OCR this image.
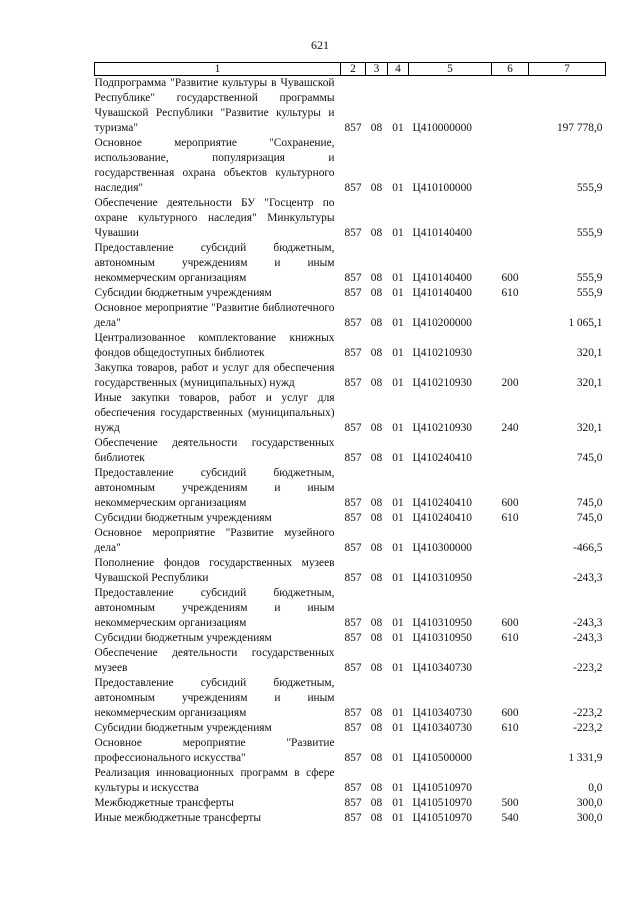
621
1	2	3	4	5	6	7
Подпрограмма "Развитие культуры в Чувашской Республике" государственной программы Чувашской Республики "Развитие культуры и туризма"	857	08	01	Ц410000000		197 778,0
Основное мероприятие "Сохранение, использование, популяризация и государственная охрана объектов культурного наследия"	857	08	01	Ц410100000		555,9
Обеспечение деятельности БУ "Госцентр по охране культурного наследия" Минкультуры Чувашии	857	08	01	Ц410140400		555,9
Предоставление субсидий бюджетным, автономным учреждениям и иным некоммерческим организациям	857	08	01	Ц410140400	600	555,9
Субсидии бюджетным учреждениям	857	08	01	Ц410140400	610	555,9
Основное мероприятие "Развитие библиотечного дела"	857	08	01	Ц410200000		1 065,1
Централизованное комплектование книжных фондов общедоступных библиотек	857	08	01	Ц410210930		320,1
Закупка товаров, работ и услуг для обеспечения государственных (муниципальных) нужд	857	08	01	Ц410210930	200	320,1
Иные закупки товаров, работ и услуг для обеспечения государственных (муниципальных) нужд	857	08	01	Ц410210930	240	320,1
Обеспечение деятельности государственных библиотек	857	08	01	Ц410240410		745,0
Предоставление субсидий бюджетным, автономным учреждениям и иным некоммерческим организациям	857	08	01	Ц410240410	600	745,0
Субсидии бюджетным учреждениям	857	08	01	Ц410240410	610	745,0
Основное мероприятие "Развитие музейного дела"	857	08	01	Ц410300000		-466,5
Пополнение фондов государственных музеев Чувашской Республики	857	08	01	Ц410310950		-243,3
Предоставление субсидий бюджетным, автономным учреждениям и иным некоммерческим организациям	857	08	01	Ц410310950	600	-243,3
Субсидии бюджетным учреждениям	857	08	01	Ц410310950	610	-243,3
Обеспечение деятельности государственных музеев	857	08	01	Ц410340730		-223,2
Предоставление субсидий бюджетным, автономным учреждениям и иным некоммерческим организациям	857	08	01	Ц410340730	600	-223,2
Субсидии бюджетным учреждениям	857	08	01	Ц410340730	610	-223,2
Основное мероприятие "Развитие профессионального искусства"	857	08	01	Ц410500000		1 331,9
Реализация инновационных программ в сфере культуры и искусства	857	08	01	Ц410510970		0,0
Межбюджетные трансферты	857	08	01	Ц410510970	500	300,0
Иные межбюджетные трансферты	857	08	01	Ц410510970	540	300,0
